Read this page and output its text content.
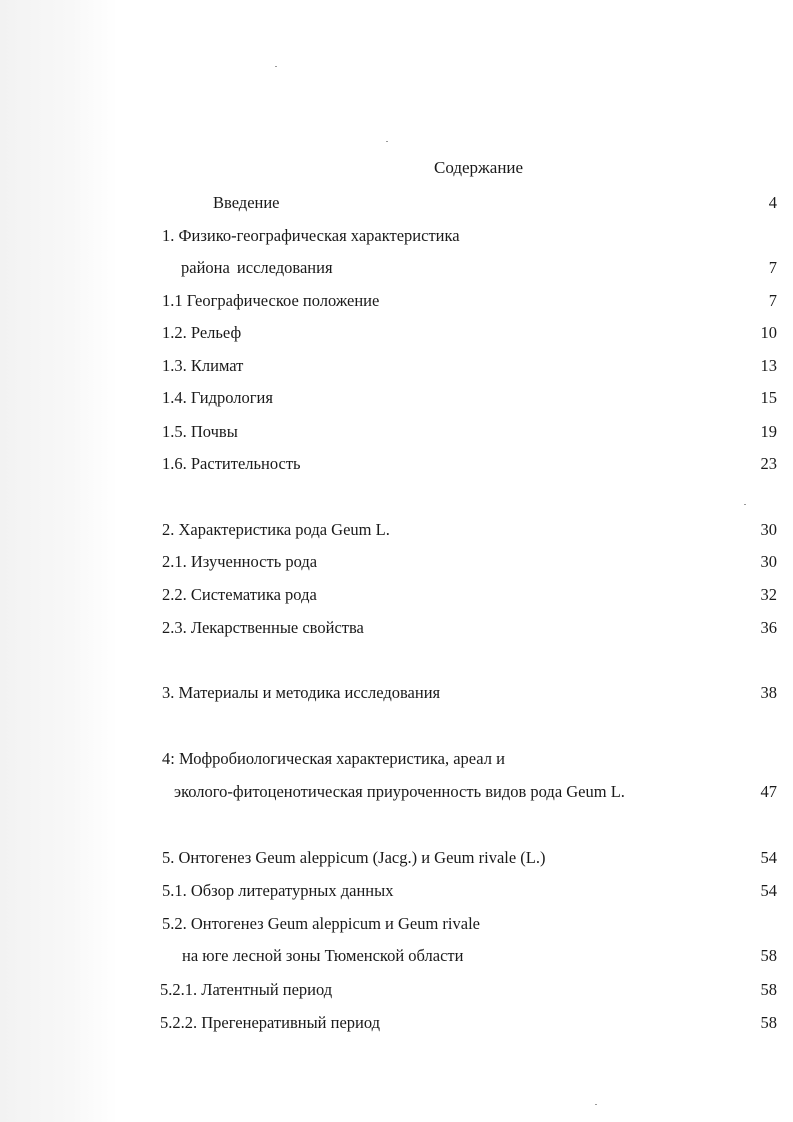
Содержание
Введение	4
1. Физико-географическая характеристика
района исследования	7
1.1 Географическое положение	7
1.2. Рельеф	10
1.3. Климат	13
1.4. Гидрология	15
1.5. Почвы	19
1.6. Растительность	23
2. Характеристика рода Geum L.	30
2.1. Изученность рода	30
2.2. Систематика рода	32
2.3. Лекарственные свойства	36
3. Материалы и методика исследования	38
4: Мофробиологическая характеристика, ареал и
эколого-фитоценотическая приуроченность видов рода Geum L.	47
5. Онтогенез Geum aleppicum (Jacg.) и Geum rivale (L.)	54
5.1. Обзор литературных данных	54
5.2. Онтогенез Geum aleppicum и Geum rivale
на юге лесной зоны Тюменской области	58
5.2.1. Латентный период	58
5.2.2. Прегенеративный период	58
